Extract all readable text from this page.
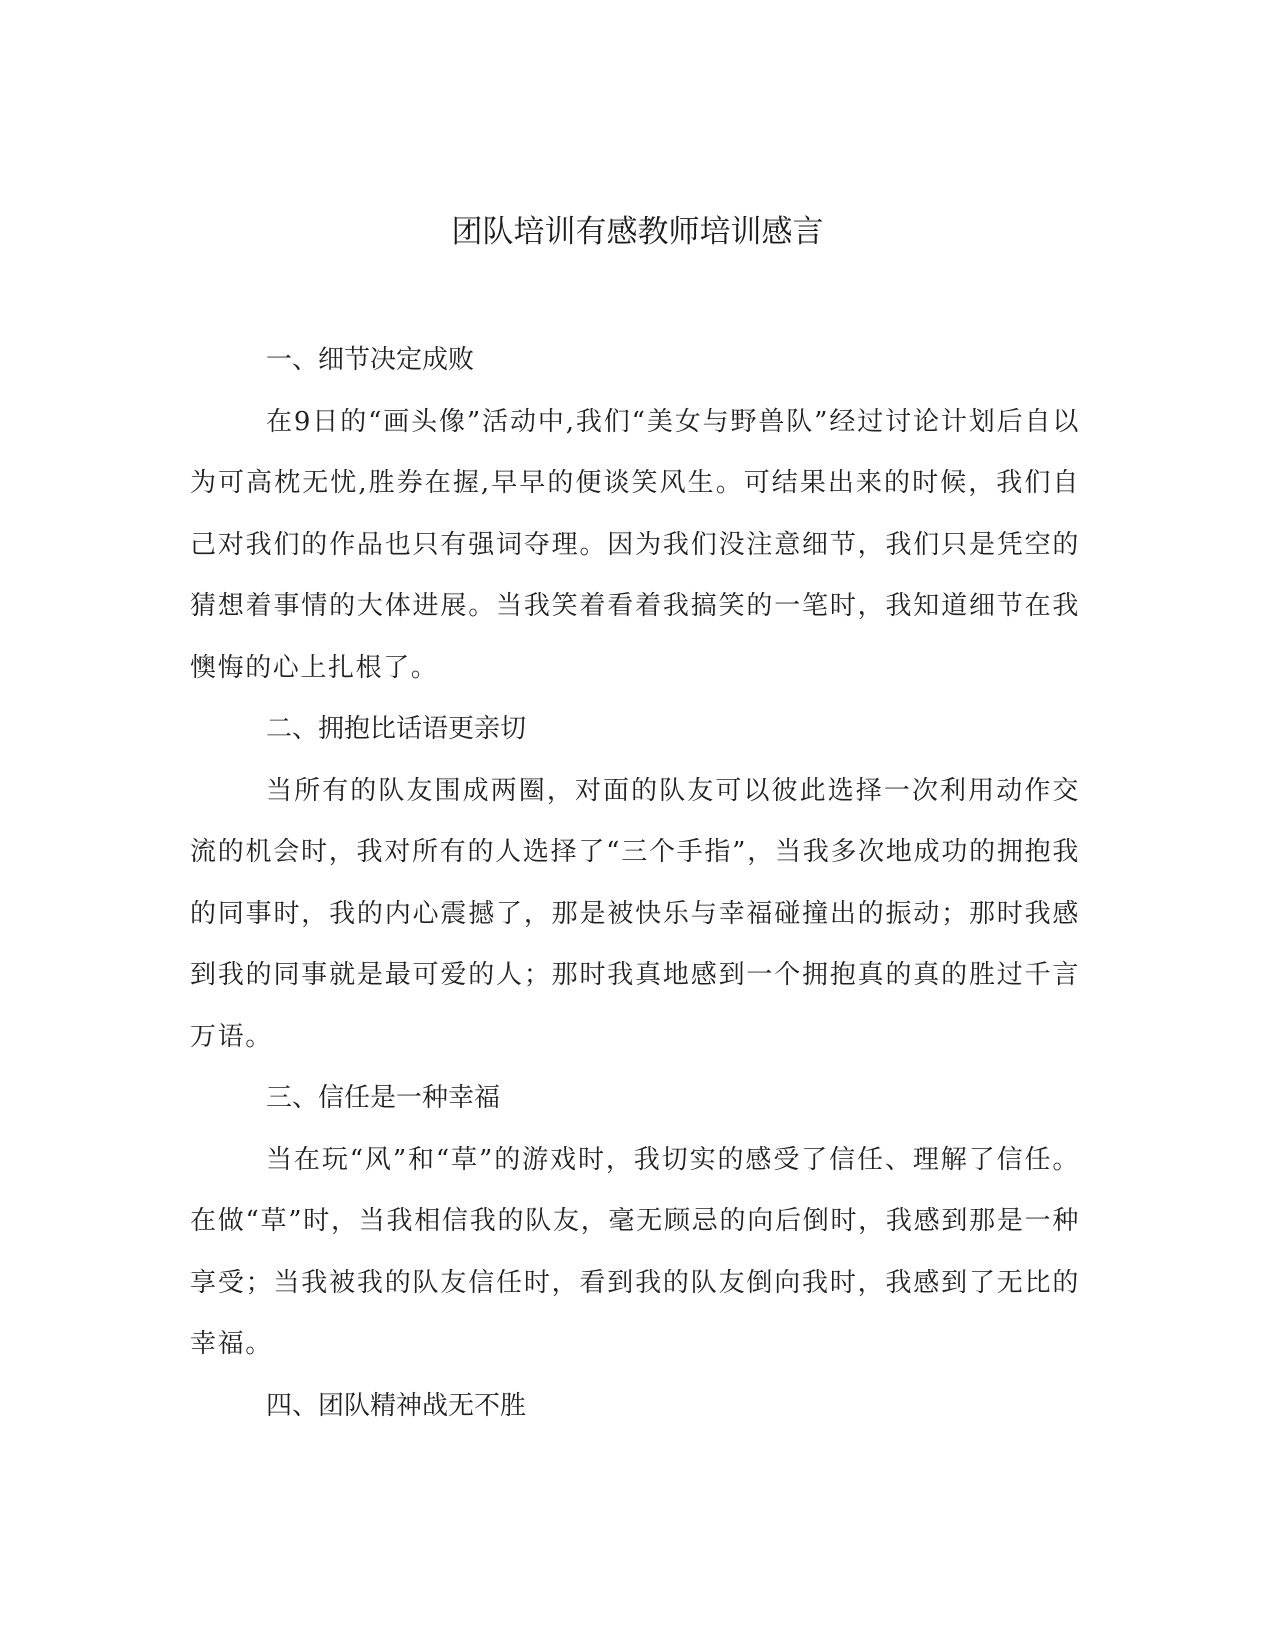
团队培训有感教师培训感言

一、细节决定成败

在9日的“画头像”活动中,我们“美女与野兽队”经过讨论计划后自以为可高枕无忧,胜券在握,早早的便谈笑风生。可结果出来的时候，我们自己对我们的作品也只有强词夺理。因为我们没注意细节，我们只是凭空的猜想着事情的大体进展。当我笑着看着我搞笑的一笔时，我知道细节在我懊悔的心上扎根了。

二、拥抱比话语更亲切

当所有的队友围成两圈，对面的队友可以彼此选择一次利用动作交流的机会时，我对所有的人选择了“三个手指”，当我多次地成功的拥抱我的同事时，我的内心震撼了，那是被快乐与幸福碰撞出的振动；那时我感到我的同事就是最可爱的人；那时我真地感到一个拥抱真的真的胜过千言万语。

三、信任是一种幸福

当在玩“风”和“草”的游戏时，我切实的感受了信任、理解了信任。在做“草”时，当我相信我的队友，毫无顾忌的向后倒时，我感到那是一种享受；当我被我的队友信任时，看到我的队友倒向我时，我感到了无比的幸福。

四、团队精神战无不胜
